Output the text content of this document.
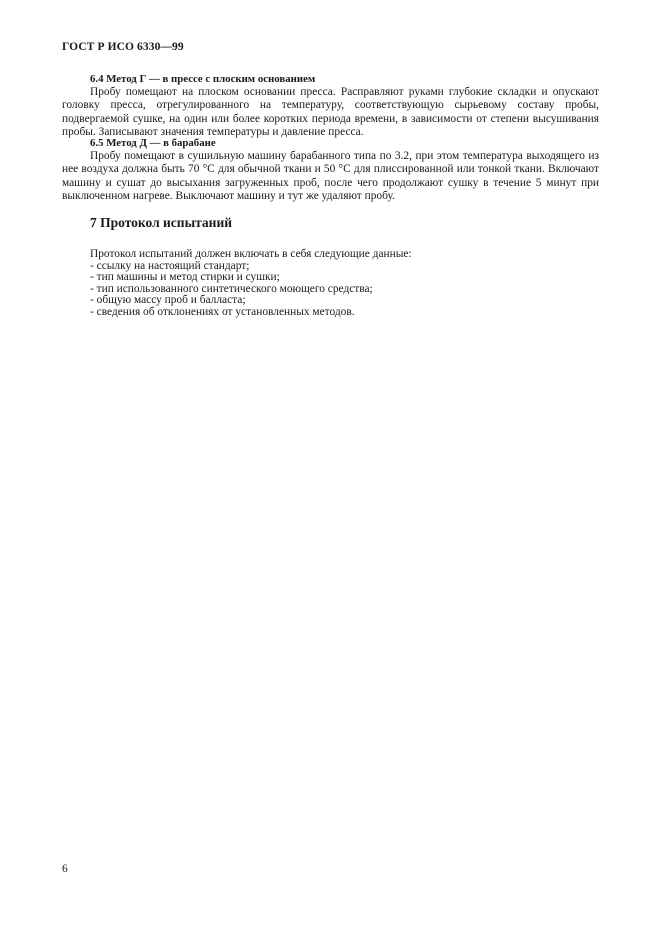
ГОСТ Р ИСО 6330—99
6.4 Метод Г — в прессе с плоским основанием

Пробу помещают на плоском основании пресса. Расправляют руками глубокие складки и опускают головку пресса, отрегулированного на температуру, соответствующую сырьевому составу пробы, подвергаемой сушке, на один или более коротких периода времени, в зависимости от степени высушивания пробы. Записывают значения температуры и давление пресса.

6.5 Метод Д — в барабане

Пробу помещают в сушильную машину барабанного типа по 3.2, при этом температура выходящего из нее воздуха должна быть 70 °С для обычной ткани и 50 °С для плиссированной или тонкой ткани. Включают машину и сушат до высыхания загруженных проб, после чего продолжают сушку в течение 5 минут при выключенном нагреве. Выключают машину и тут же удаляют пробу.

7 Протокол испытаний

Протокол испытаний должен включать в себя следующие данные:

- ссылку на настоящий стандарт;
- тип машины и метод стирки и сушки;
- тип использованного синтетического моющего средства;
- общую массу проб и балласта;
- сведения об отклонениях от установленных методов.
6
